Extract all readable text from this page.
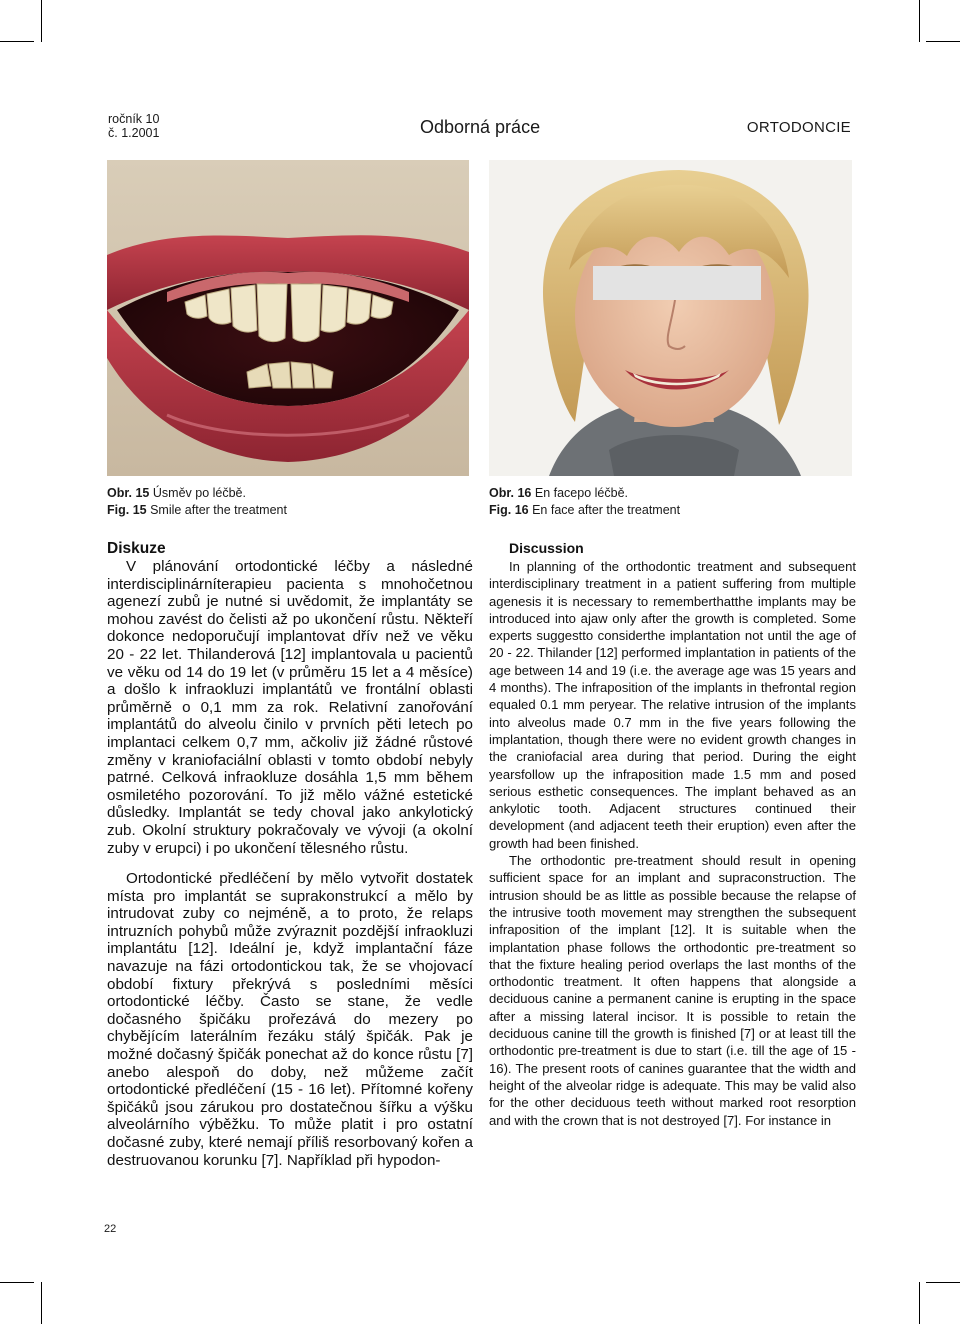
ročník 10
č. 1.2001	Odborná práce	ORTODONCIE
Obr. 15 Úsměv po léčbě.
Fig. 15 Smile after the treatment
Obr. 16 En facepo léčbě.
Fig. 16 En face after the treatment
Diskuze

V plánování ortodontické léčby a následné interdisciplinárníterapieu pacienta s mnohočetnou agenezí zubů je nutné si uvědomit, že implantáty se mohou zavést do čelisti až po ukončení růstu. Někteří dokonce nedoporučují implantovat dřív než ve věku 20 - 22 let. Thilanderová [12] implantovala u pacientů ve věku od 14 do 19 let (v průměru 15 let a 4 měsíce) a došlo k infraokluzi implantátů ve frontální oblasti průměrně o 0,1 mm za rok. Relativní zanořování implantátů do alveolu činilo v prvních pěti letech po implantaci celkem 0,7 mm, ačkoliv již žádné růstové změny v kraniofaciální oblasti v tomto období nebyly patrné. Celková infraokluze dosáhla 1,5 mm během osmiletého pozorování. To již mělo vážné estetické důsledky. Implantát se tedy choval jako ankylotický zub. Okolní struktury pokračovaly ve vývoji (a okolní zuby v erupci) i po ukončení tělesného růstu.

Ortodontické předléčení by mělo vytvořit dostatek místa pro implantát se suprakonstrukcí a mělo by intrudovat zuby co nejméně, a to proto, že relaps intruzních pohybů může zvýraznit pozdější infraokluzi implantátu [12]. Ideální je, když implantační fáze navazuje na fázi ortodontickou tak, že se vhojovací období fixtury překrývá s posledními měsíci ortodontické léčby. Často se stane, že vedle dočasného špičáku prořezává do mezery po chybějícím laterálním řezáku stálý špičák. Pak je možné dočasný špičák ponechat až do konce růstu [7] anebo alespoň do doby, než můžeme začít ortodontické předléčení (15 - 16 let). Přítomné kořeny špičáků jsou zárukou pro dostatečnou šířku a výšku alveolárního výběžku. To může platit i pro ostatní dočasné zuby, které nemají příliš resorbovaný kořen a destruovanou korunku [7]. Například při hypodon-

Discussion

In planning of the orthodontic treatment and subsequent interdisciplinary treatment in a patient suffering from multiple agenesis it is necessary to rememberthatthe implants may be introduced into ajaw only after the growth is completed. Some experts suggestto considerthe implantation not until the age of 20 - 22. Thilander [12] performed implantation in patients of the age between 14 and 19 (i.e. the average age was 15 years and 4 months). The infraposition of the implants in thefrontal region equaled 0.1 mm peryear. The relative intrusion of the implants into alveolus made 0.7 mm in the five years following the implantation, though there were no evident growth changes in the craniofacial area during that period. During the eight yearsfollow up the infraposition made 1.5 mm and posed serious esthetic consequences. The implant behaved as an ankylotic tooth. Adjacent structures continued their development (and adjacent teeth their eruption) even after the growth had been finished.

The orthodontic pre-treatment should result in opening sufficient space for an implant and supraconstruction. The intrusion should be as little as possible because the relapse of the intrusive tooth movement may strengthen the subsequent infraposition of the implant [12]. It is suitable when the implantation phase follows the orthodontic pre-treatment so that the fixture healing period overlaps the last months of the orthodontic treatment. It often happens that alongside a deciduous canine a permanent canine is erupting in the space after a missing lateral incisor. It is possible to retain the deciduous canine till the growth is finished [7] or at least till the orthodontic pre-treatment is due to start (i.e. till the age of 15 - 16). The present roots of canines guarantee that the width and height of the alveolar ridge is adequate. This may be valid also for the other deciduous teeth without marked root resorption and with the crown that is not destroyed [7]. For instance in

22
